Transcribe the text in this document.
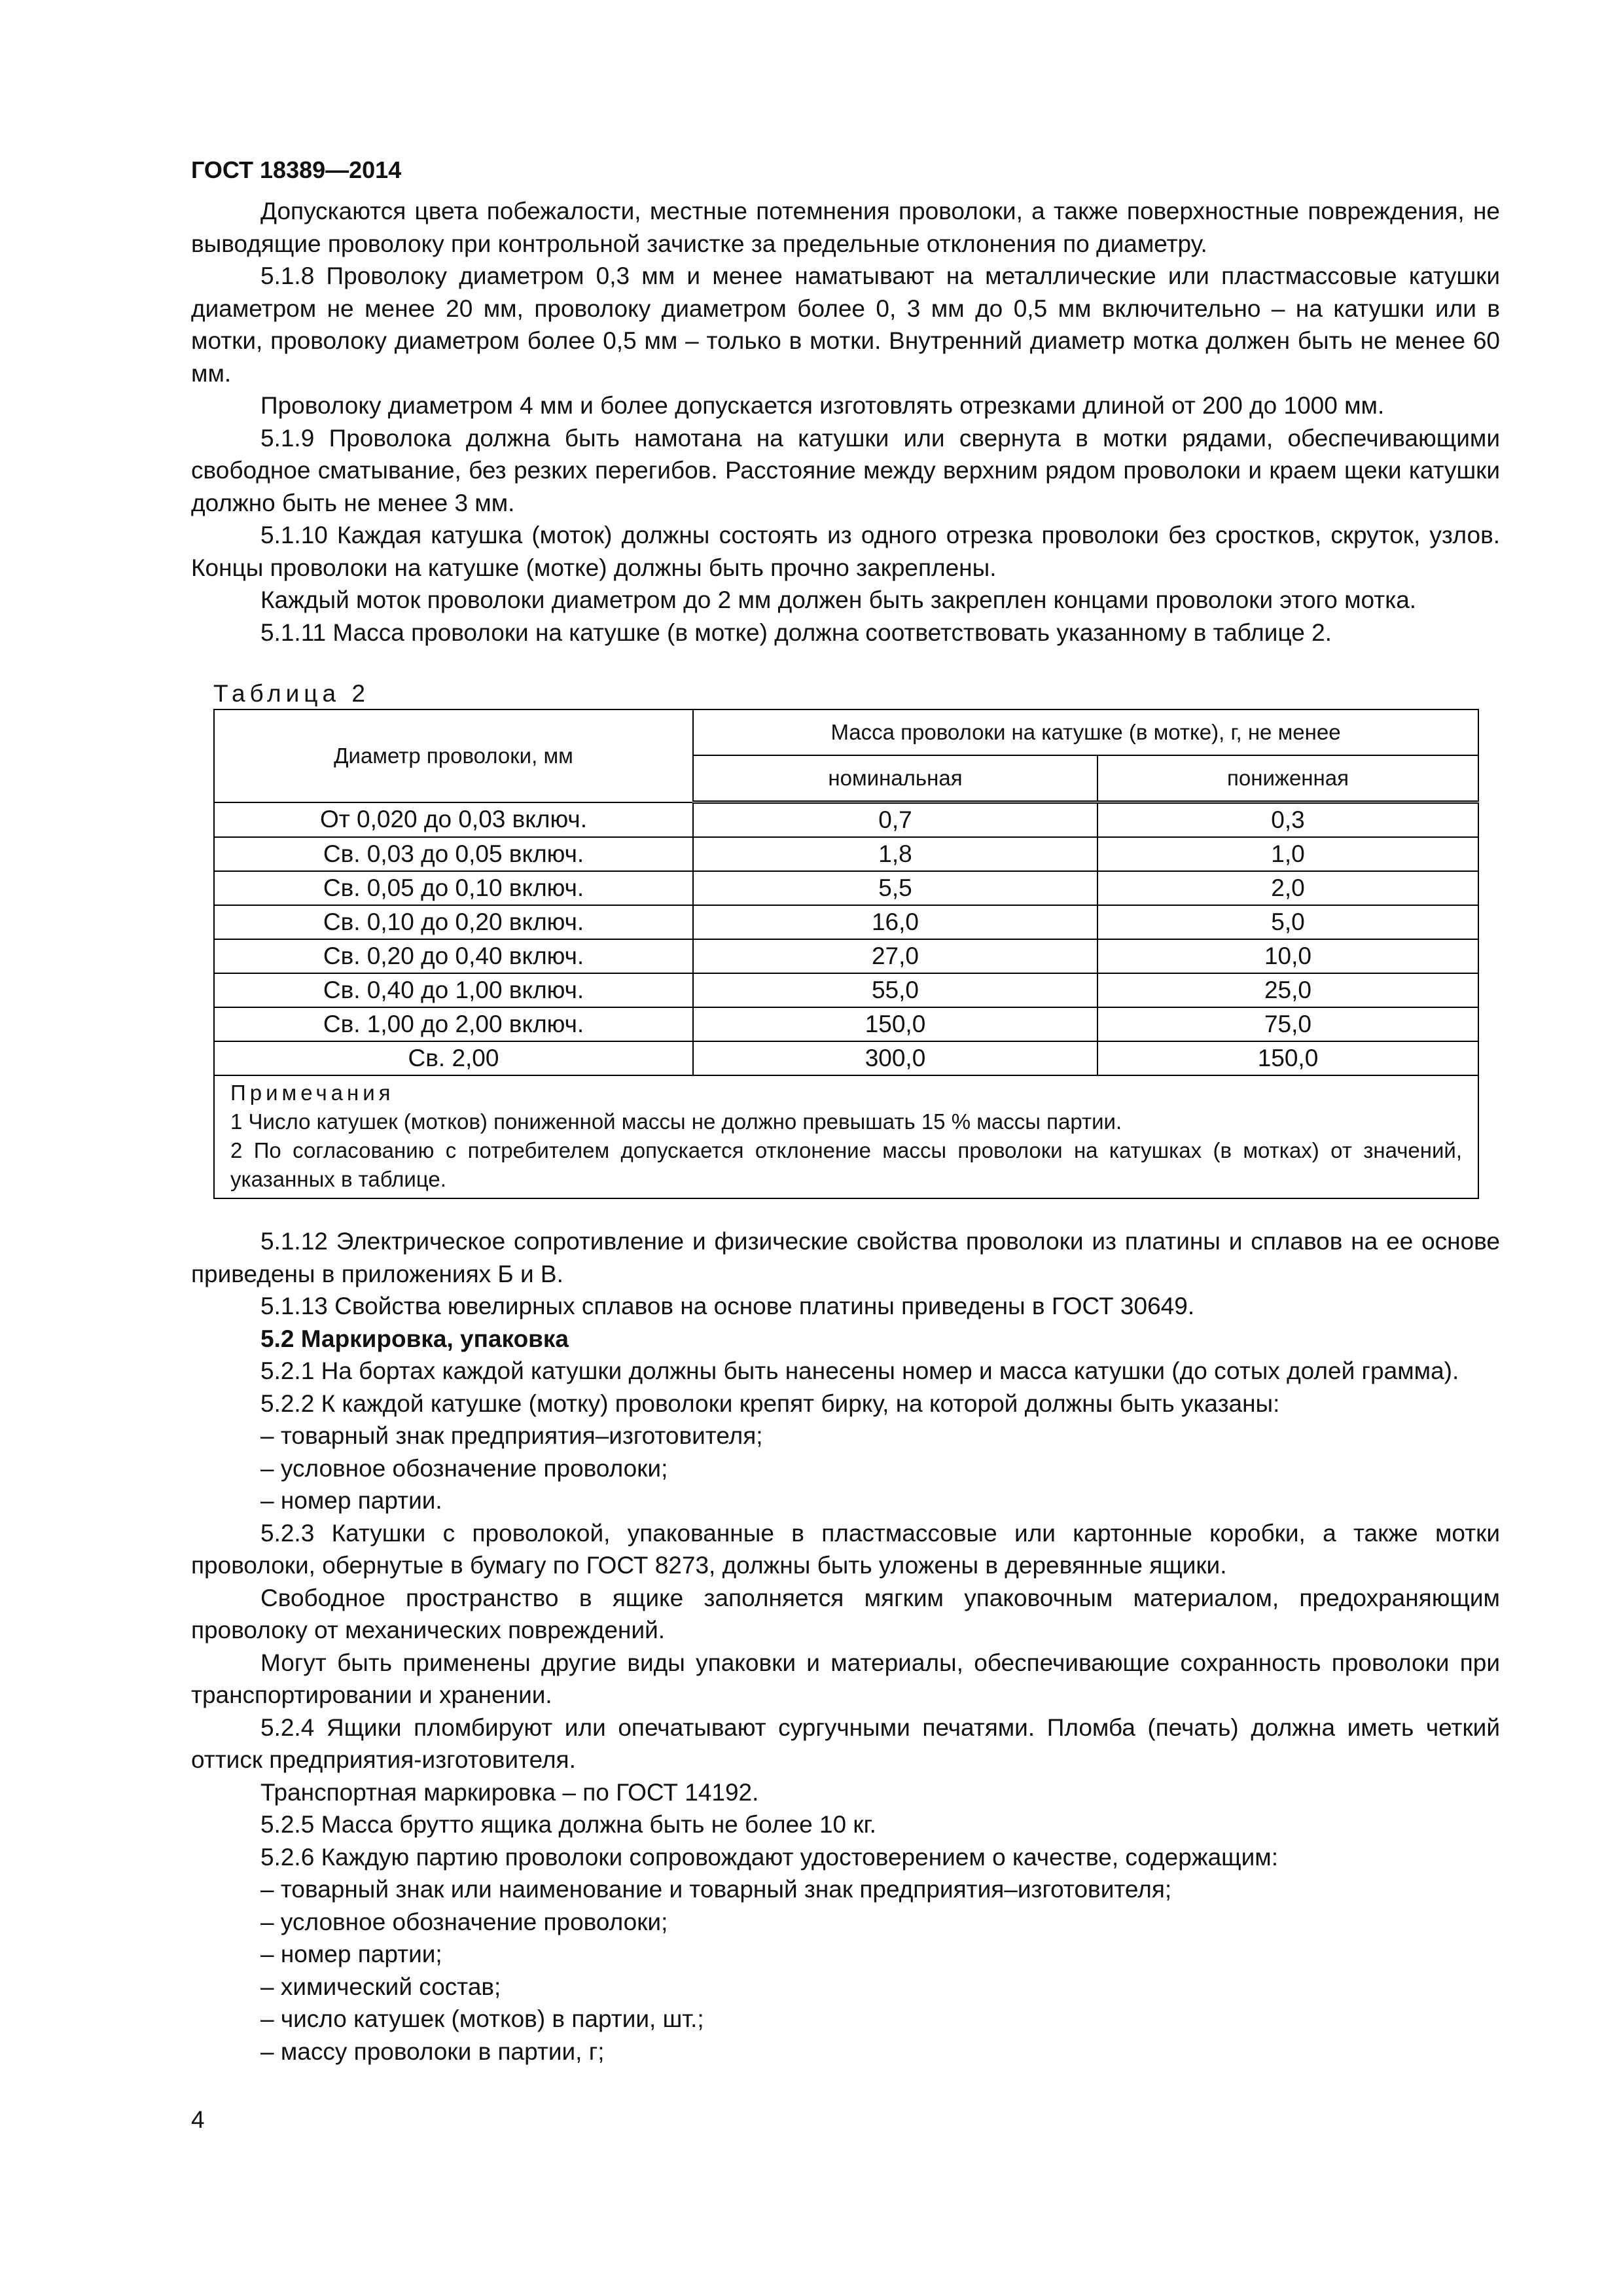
ГОСТ 18389—2014

Допускаются цвета побежалости, местные потемнения проволоки, а также поверхностные повреждения, не выводящие проволоку при контрольной зачистке за предельные отклонения по диаметру.

5.1.8 Проволоку диаметром 0,3 мм и менее наматывают на металлические или пластмассовые катушки диаметром не менее 20 мм, проволоку диаметром более 0, 3 мм до 0,5 мм включительно – на катушки или в мотки, проволоку диаметром более 0,5 мм – только в мотки. Внутренний диаметр мотка должен быть не менее 60 мм.

Проволоку диаметром 4 мм и более допускается изготовлять отрезками длиной от 200 до 1000 мм.

5.1.9 Проволока должна быть намотана на катушки или свернута в мотки рядами, обеспечивающими свободное сматывание, без резких перегибов. Расстояние между верхним рядом проволоки и краем щеки катушки должно быть не менее 3 мм.

5.1.10 Каждая катушка (моток) должны состоять из одного отрезка проволоки без сростков, скруток, узлов. Концы проволоки на катушке (мотке) должны быть прочно закреплены.

Каждый моток проволоки диаметром до 2 мм должен быть закреплен концами проволоки этого мотка.

5.1.11 Масса проволоки на катушке (в мотке) должна соответствовать указанному в таблице 2.

Таблица 2
Диаметр проволоки, мм	Масса проволоки на катушке (в мотке), г, не менее	
	номинальная	пониженная
От 0,020 до 0,03 включ.	0,7	0,3
Св. 0,03 до 0,05 включ.	1,8	1,0
Св. 0,05 до 0,10 включ.	5,5	2,0
Св. 0,10 до 0,20 включ.	16,0	5,0
Св. 0,20 до 0,40 включ.	27,0	10,0
Св. 0,40 до 1,00 включ.	55,0	25,0
Св. 1,00 до 2,00 включ.	150,0	75,0
Св. 2,00	300,0	150,0

Примечания
1 Число катушек (мотков) пониженной массы не должно превышать 15 % массы партии.
2 По согласованию с потребителем допускается отклонение массы проволоки на катушках (в мотках) от значений, указанных в таблице.		

5.1.12 Электрическое сопротивление и физические свойства проволоки из платины и сплавов на ее основе приведены в приложениях Б и В.

5.1.13 Свойства ювелирных сплавов на основе платины приведены в ГОСТ 30649.

5.2 Маркировка, упаковка

5.2.1 На бортах каждой катушки должны быть нанесены номер и масса катушки (до сотых долей грамма).

5.2.2 К каждой катушке (мотку) проволоки крепят бирку, на которой должны быть указаны:

– товарный знак предприятия–изготовителя;

– условное обозначение проволоки;

– номер партии.

5.2.3 Катушки с проволокой, упакованные в пластмассовые или картонные коробки, а также мотки проволоки, обернутые в бумагу по ГОСТ 8273, должны быть уложены в деревянные ящики.

Свободное пространство в ящике заполняется мягким упаковочным материалом, предохраняющим проволоку от механических повреждений.

Могут быть применены другие виды упаковки и материалы, обеспечивающие сохранность проволоки при транспортировании и хранении.

5.2.4 Ящики пломбируют или опечатывают сургучными печатями. Пломба (печать) должна иметь четкий оттиск предприятия-изготовителя.

Транспортная маркировка – по ГОСТ 14192.

5.2.5 Масса брутто ящика должна быть не более 10 кг.

5.2.6 Каждую партию проволоки сопровождают удостоверением о качестве, содержащим:

– товарный знак или наименование и товарный знак предприятия–изготовителя;

– условное обозначение проволоки;

– номер партии;

– химический состав;

– число катушек (мотков) в партии, шт.;

– массу проволоки в партии, г;

4
